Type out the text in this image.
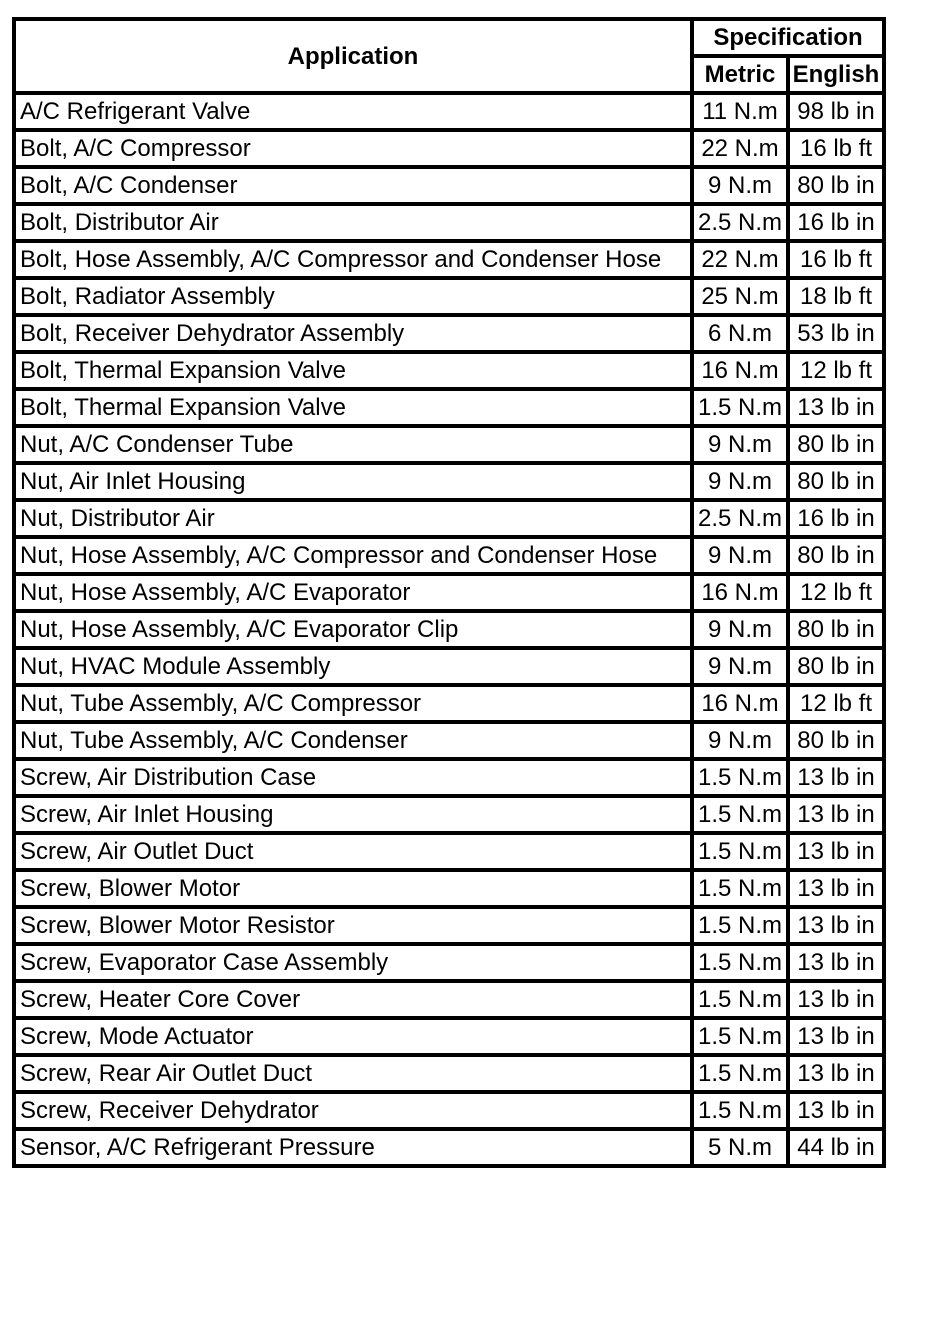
Application	Specification	
	Metric	English
A/C Refrigerant Valve	11 N.m	98 lb in
Bolt, A/C Compressor	22 N.m	16 lb ft
Bolt, A/C Condenser	9 N.m	80 lb in
Bolt, Distributor Air	2.5 N.m	16 lb in
Bolt, Hose Assembly, A/C Compressor and Condenser Hose	22 N.m	16 lb ft
Bolt, Radiator Assembly	25 N.m	18 lb ft
Bolt, Receiver Dehydrator Assembly	6 N.m	53 lb in
Bolt, Thermal Expansion Valve	16 N.m	12 lb ft
Bolt, Thermal Expansion Valve	1.5 N.m	13 lb in
Nut, A/C Condenser Tube	9 N.m	80 lb in
Nut, Air Inlet Housing	9 N.m	80 lb in
Nut, Distributor Air	2.5 N.m	16 lb in
Nut, Hose Assembly, A/C Compressor and Condenser Hose	9 N.m	80 lb in
Nut, Hose Assembly, A/C Evaporator	16 N.m	12 lb ft
Nut, Hose Assembly, A/C Evaporator Clip	9 N.m	80 lb in
Nut, HVAC Module Assembly	9 N.m	80 lb in
Nut, Tube Assembly, A/C Compressor	16 N.m	12 lb ft
Nut, Tube Assembly, A/C Condenser	9 N.m	80 lb in
Screw, Air Distribution Case	1.5 N.m	13 lb in
Screw, Air Inlet Housing	1.5 N.m	13 lb in
Screw, Air Outlet Duct	1.5 N.m	13 lb in
Screw, Blower Motor	1.5 N.m	13 lb in
Screw, Blower Motor Resistor	1.5 N.m	13 lb in
Screw, Evaporator Case Assembly	1.5 N.m	13 lb in
Screw, Heater Core Cover	1.5 N.m	13 lb in
Screw, Mode Actuator	1.5 N.m	13 lb in
Screw, Rear Air Outlet Duct	1.5 N.m	13 lb in
Screw, Receiver Dehydrator	1.5 N.m	13 lb in
Sensor, A/C Refrigerant Pressure	5 N.m	44 lb in
